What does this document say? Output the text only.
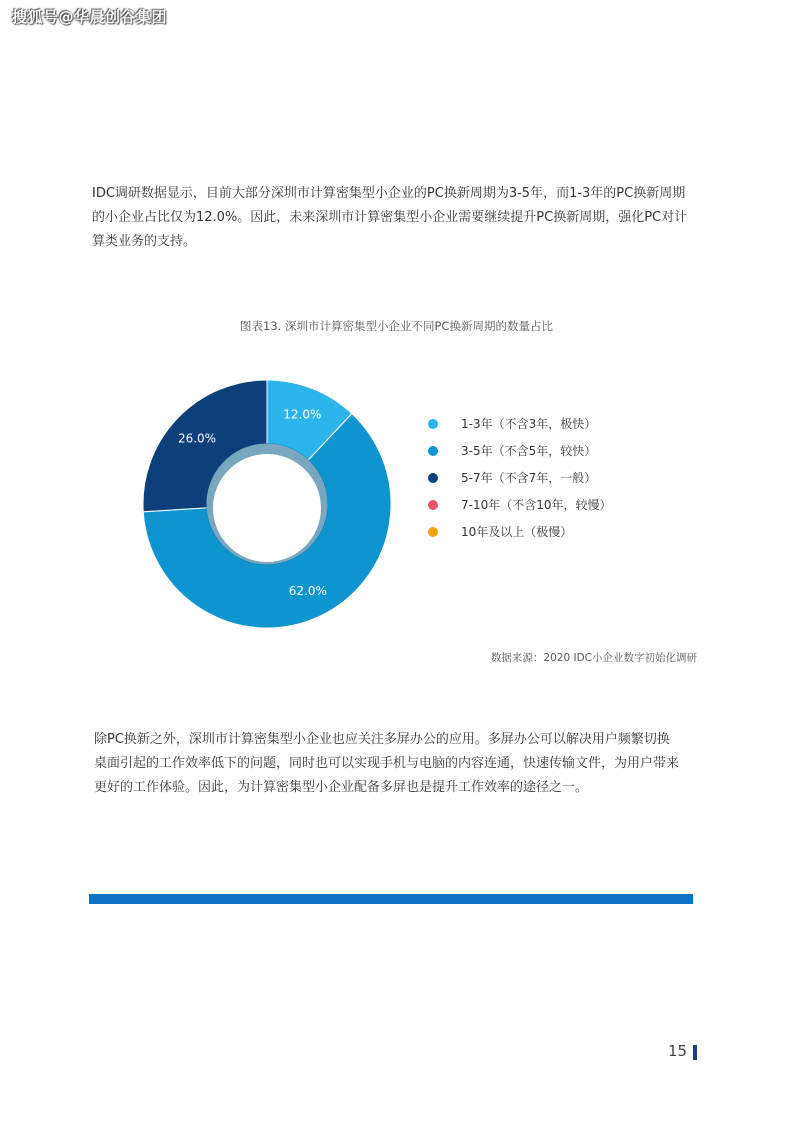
搜狐号@华晨创谷集团
IDC调研数据显示，目前大部分深圳市计算密集型小企业的PC换新周期为3-5年，而1-3年的PC换新周期
的小企业占比仅为12.0%。因此，未来深圳市计算密集型小企业需要继续提升PC换新周期，强化PC对计
算类业务的支持。
图表13. 深圳市计算密集型小企业不同PC换新周期的数量占比
12.0%
62.0%
26.0%
1-3年（不含3年，极快）
3-5年（不含5年，较快）
5-7年（不含7年，一般）
7-10年（不含10年，较慢）
10年及以上（极慢）
数据来源：2020 IDC小企业数字初始化调研
除PC换新之外，深圳市计算密集型小企业也应关注多屏办公的应用。多屏办公可以解决用户频繁切换
桌面引起的工作效率低下的问题，同时也可以实现手机与电脑的内容连通，快速传输文件，为用户带来
更好的工作体验。因此，为计算密集型小企业配备多屏也是提升工作效率的途径之一。
15
